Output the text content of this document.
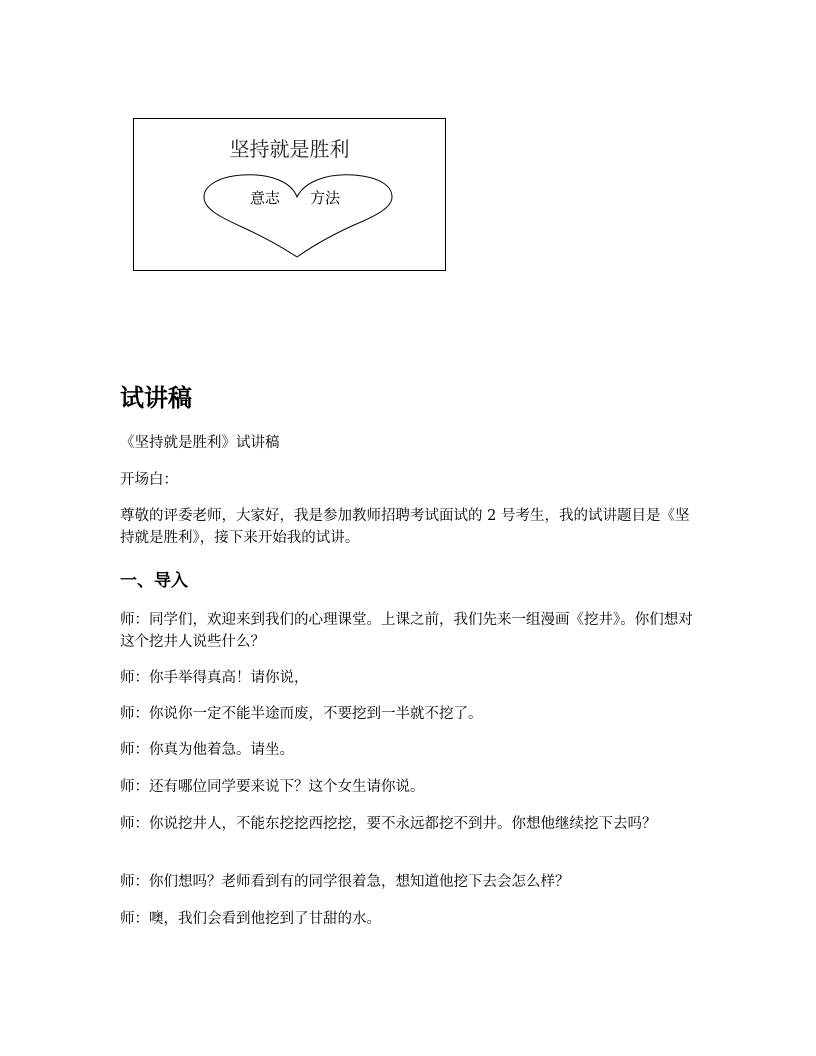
坚持就是胜利
意志 方法
试讲稿

《坚持就是胜利》试讲稿

开场白：

尊敬的评委老师，大家好，我是参加教师招聘考试面试的 2 号考生，我的试讲题目是《坚持就是胜利》，接下来开始我的试讲。

一、导入

师：同学们，欢迎来到我们的心理课堂。上课之前，我们先来一组漫画《挖井》。你们想对这个挖井人说些什么？

师：你手举得真高！请你说，

师：你说你一定不能半途而废，不要挖到一半就不挖了。

师：你真为他着急。请坐。

师：还有哪位同学要来说下？这个女生请你说。

师：你说挖井人，不能东挖挖西挖挖，要不永远都挖不到井。你想他继续挖下去吗？

师：你们想吗？老师看到有的同学很着急，想知道他挖下去会怎么样？

师：噢，我们会看到他挖到了甘甜的水。
